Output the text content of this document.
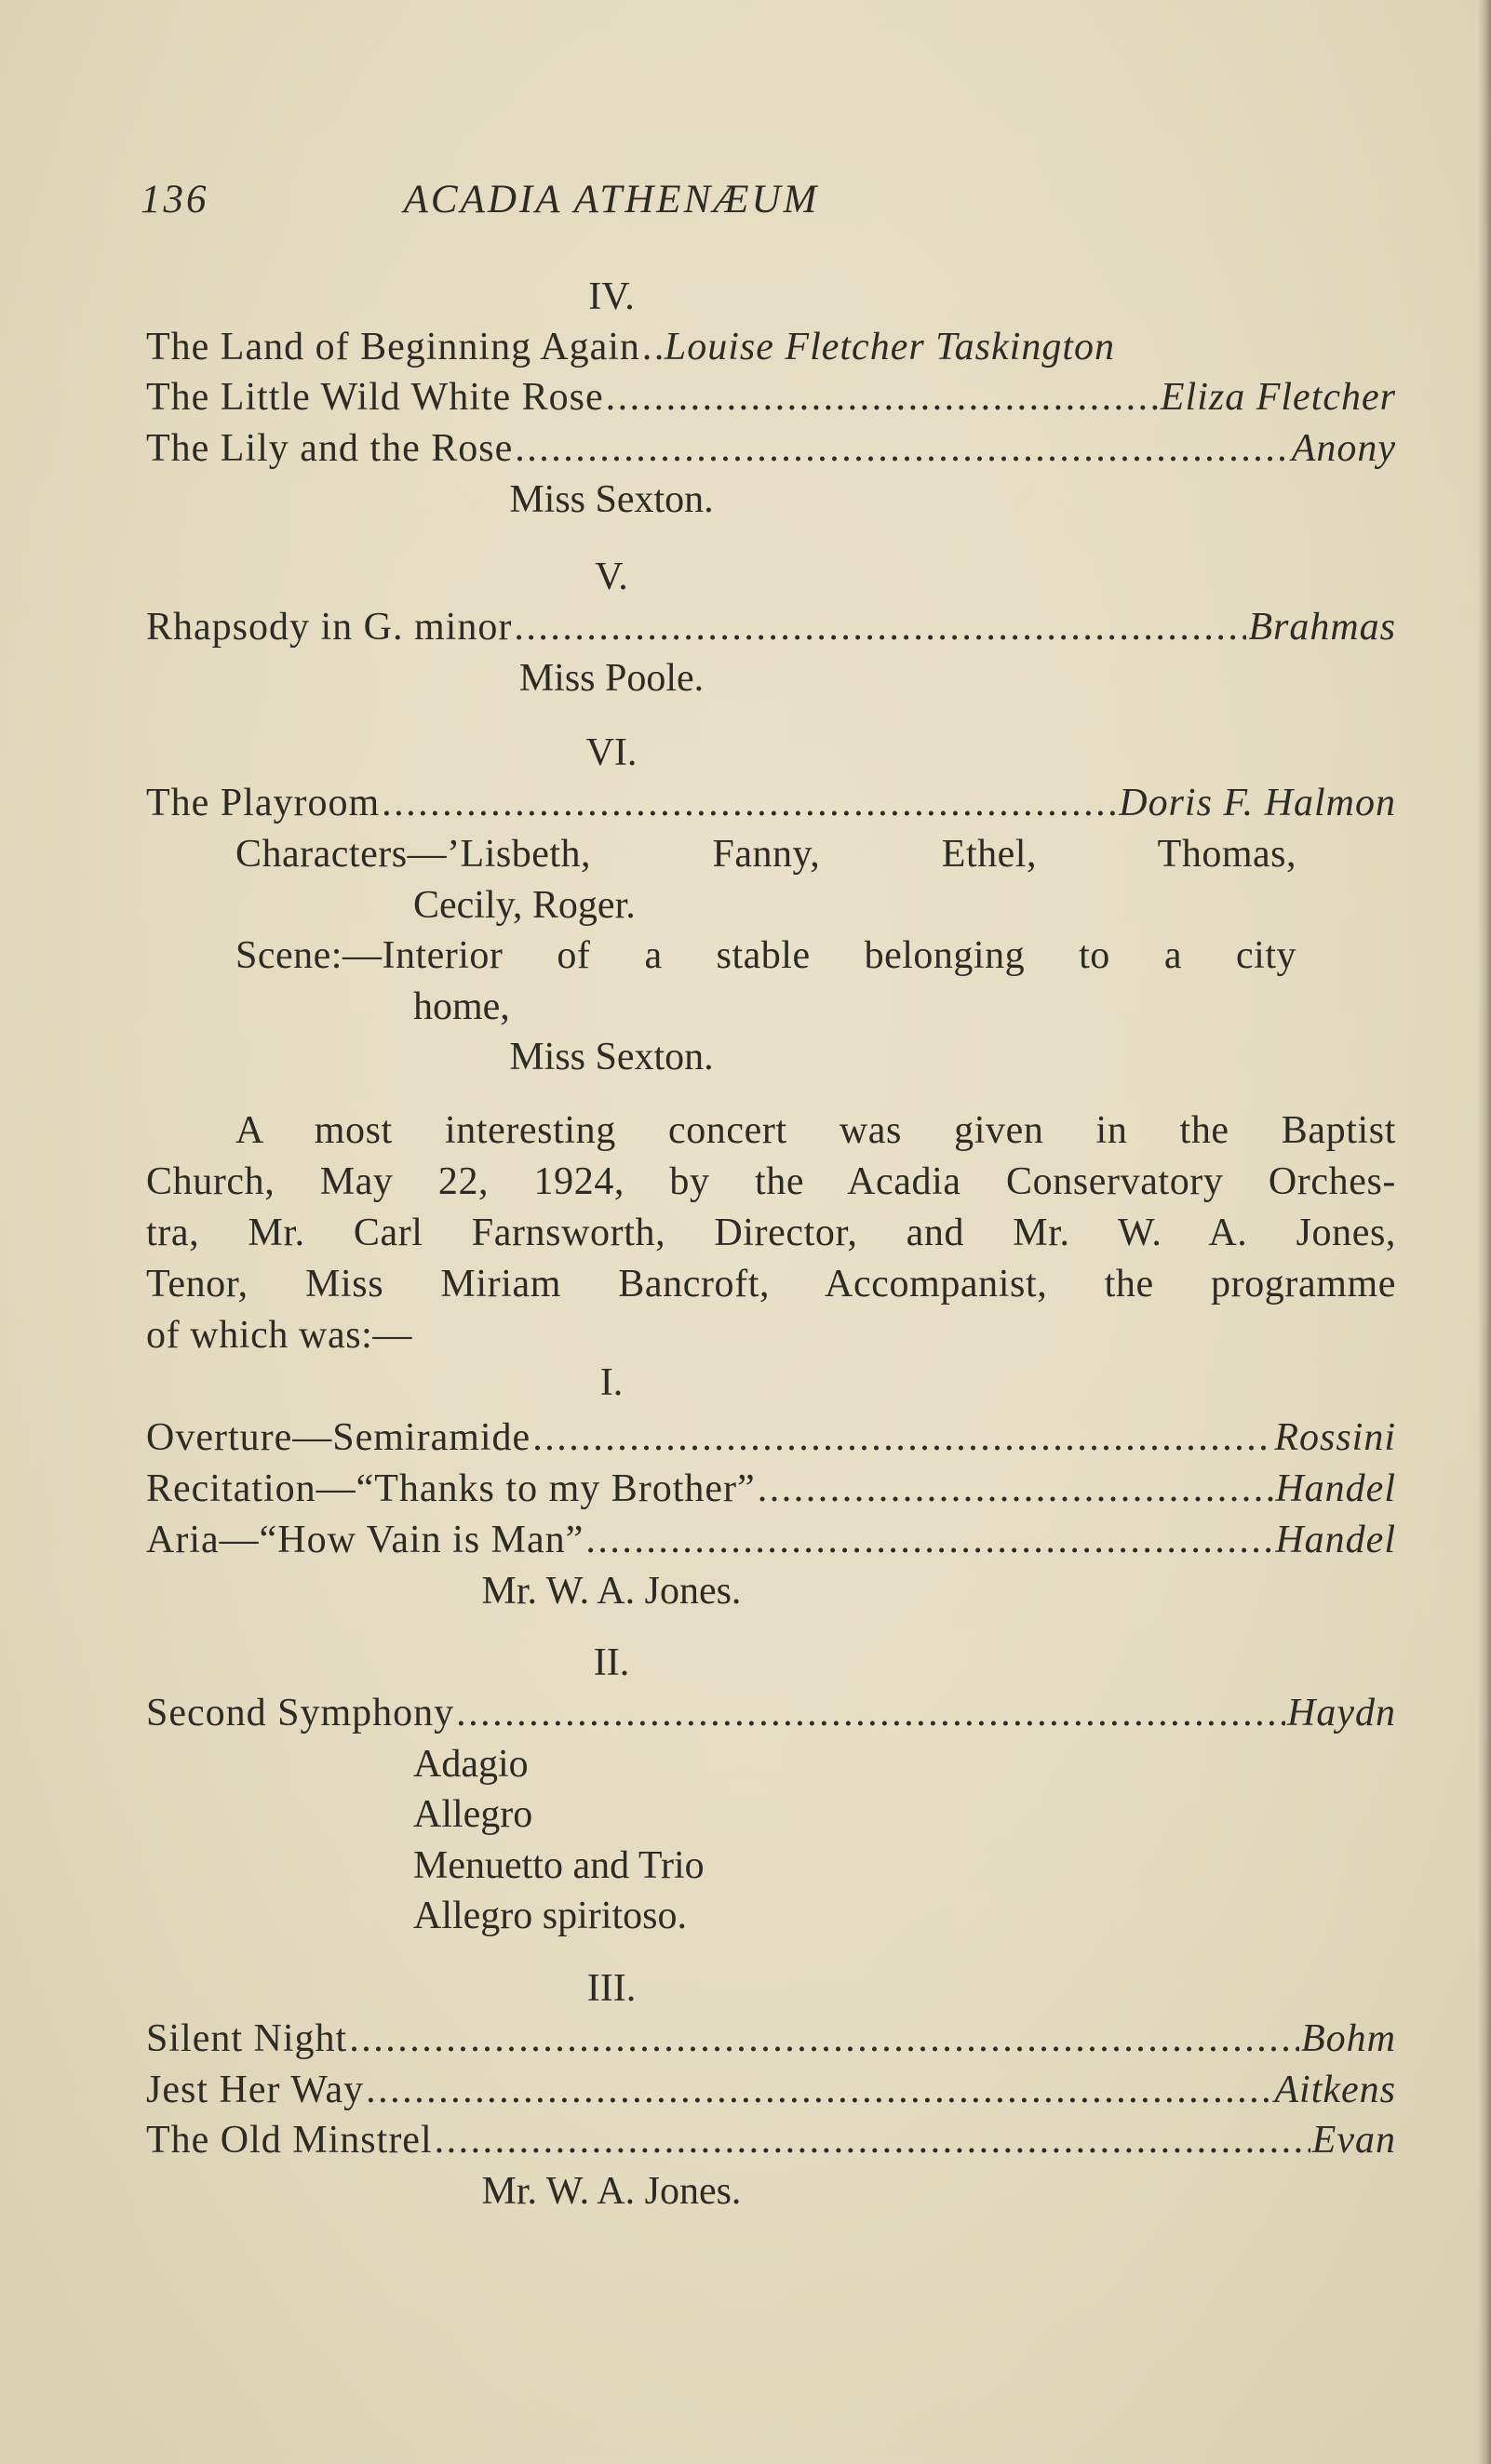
136	ACADIA ATHENÆUM
IV.
The Land of Beginning Again . . . Louise Fletcher Taskington
The Little Wild White Rose . . .	Eliza Fletcher
The Lily and the Rose . . .	Anony
Miss Sexton.
V.
Rhapsody in G. minor . . .	Brahmas
Miss Poole.
VI.
The Playroom . . .	Doris F. Halmon
Characters—’Lisbeth, Fanny, Ethel, Thomas,
Cecily, Roger.
Scene:—Interior of a stable belonging to a city
home,
Miss Sexton.
A most interesting concert was given in the Baptist
Church, May 22, 1924, by the Acadia Conservatory Orches-
tra, Mr. Carl Farnsworth, Director, and Mr. W. A. Jones,
Tenor, Miss Miriam Bancroft, Accompanist, the programme
of which was:—
I.
Overture—Semiramide . . .	Rossini
Recitation—“Thanks to my Brother” . . .	Handel
Aria—“How Vain is Man” . . .	Handel
Mr. W. A. Jones.
II.
Second Symphony . . .	Haydn
Adagio
Allegro
Menuetto and Trio
Allegro spiritoso.
III.
Silent Night . . .	Bohm
Jest Her Way . . .	Aitkens
The Old Minstrel . . .	Evan
Mr. W. A. Jones.
